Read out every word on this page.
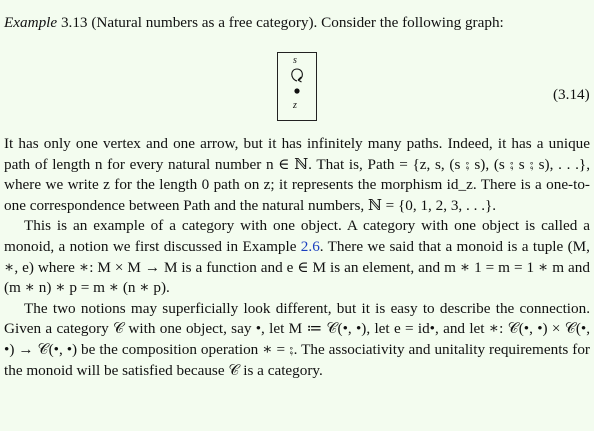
Example 3.13 (Natural numbers as a free category). Consider the following graph:
s
z
(3.14)

It has only one vertex and one arrow, but it has infinitely many paths. Indeed, it has a unique path of length n for every natural number n ∈ ℕ. That is, Path = {z, s, (s ⨟ s), (s ⨟ s ⨟ s), . . .}, where we write z for the length 0 path on z; it represents the morphism id_z. There is a one-to-one correspondence between Path and the natural numbers, ℕ = {0, 1, 2, 3, . . .}.

This is an example of a category with one object. A category with one object is called a monoid, a notion we first discussed in Example 2.6. There we said that a monoid is a tuple (M, ∗, e) where ∗: M × M → M is a function and e ∈ M is an element, and m ∗ 1 = m = 1 ∗ m and (m ∗ n) ∗ p = m ∗ (n ∗ p).

The two notions may superficially look different, but it is easy to describe the connection. Given a category 𝒞 with one object, say •, let M ≔ 𝒞(•, •), let e = id•, and let ∗: 𝒞(•, •) × 𝒞(•, •) → 𝒞(•, •) be the composition operation ∗ = ⨟. The associativity and unitality requirements for the monoid will be satisfied because 𝒞 is a category.
